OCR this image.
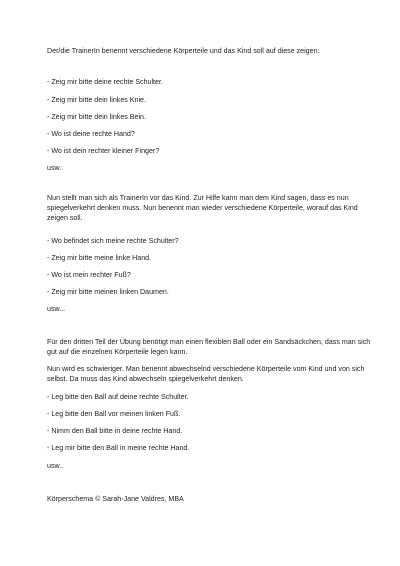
Der/die TrainerIn benennt verschiedene Körperteile und das Kind soll auf diese zeigen:

- Zeig mir bitte deine rechte Schulter.

- Zeig mir bitte dein linkes Knie.

- Zeig mir bitte dein linkes Bein.

- Wo ist deine rechte Hand?

- Wo ist dein rechter kleiner Finger?

usw.

Nun stellt man sich als TrainerIn vor das Kind. Zur Hilfe kann man dem Kind sagen, dass es nun spiegelverkehrt denken muss. Nun benennt man wieder verschiedene Körperteile, worauf das Kind zeigen soll.

- Wo befindet sich meine rechte Schulter?

- Zeig mir bitte meine linke Hand.

- Wo ist mein rechter Fuß?

- Zeig mir bitte meinen linken Daumen.

usw...

Für den dritten Teil der Übung benötigt man einen flexiblen Ball oder ein Sandsäckchen, dass man sich gut auf die einzelnen Körperteile legen kann.

Nun wird es schwieriger. Man benennt abwechselnd verschiedene Körperteile vom Kind und von sich selbst. Da muss das Kind abwechseln spiegelverkehrt denken.

- Leg bitte den Ball auf deine rechte Schulter.

- Leg bitte den Ball vor meinen linken Fuß.

- Nimm den Ball bitte in deine rechte Hand.

- Leg mir bitte den Ball in meine rechte Hand.

usw..

Körperschema © Sarah-Jane Valdres, MBA
